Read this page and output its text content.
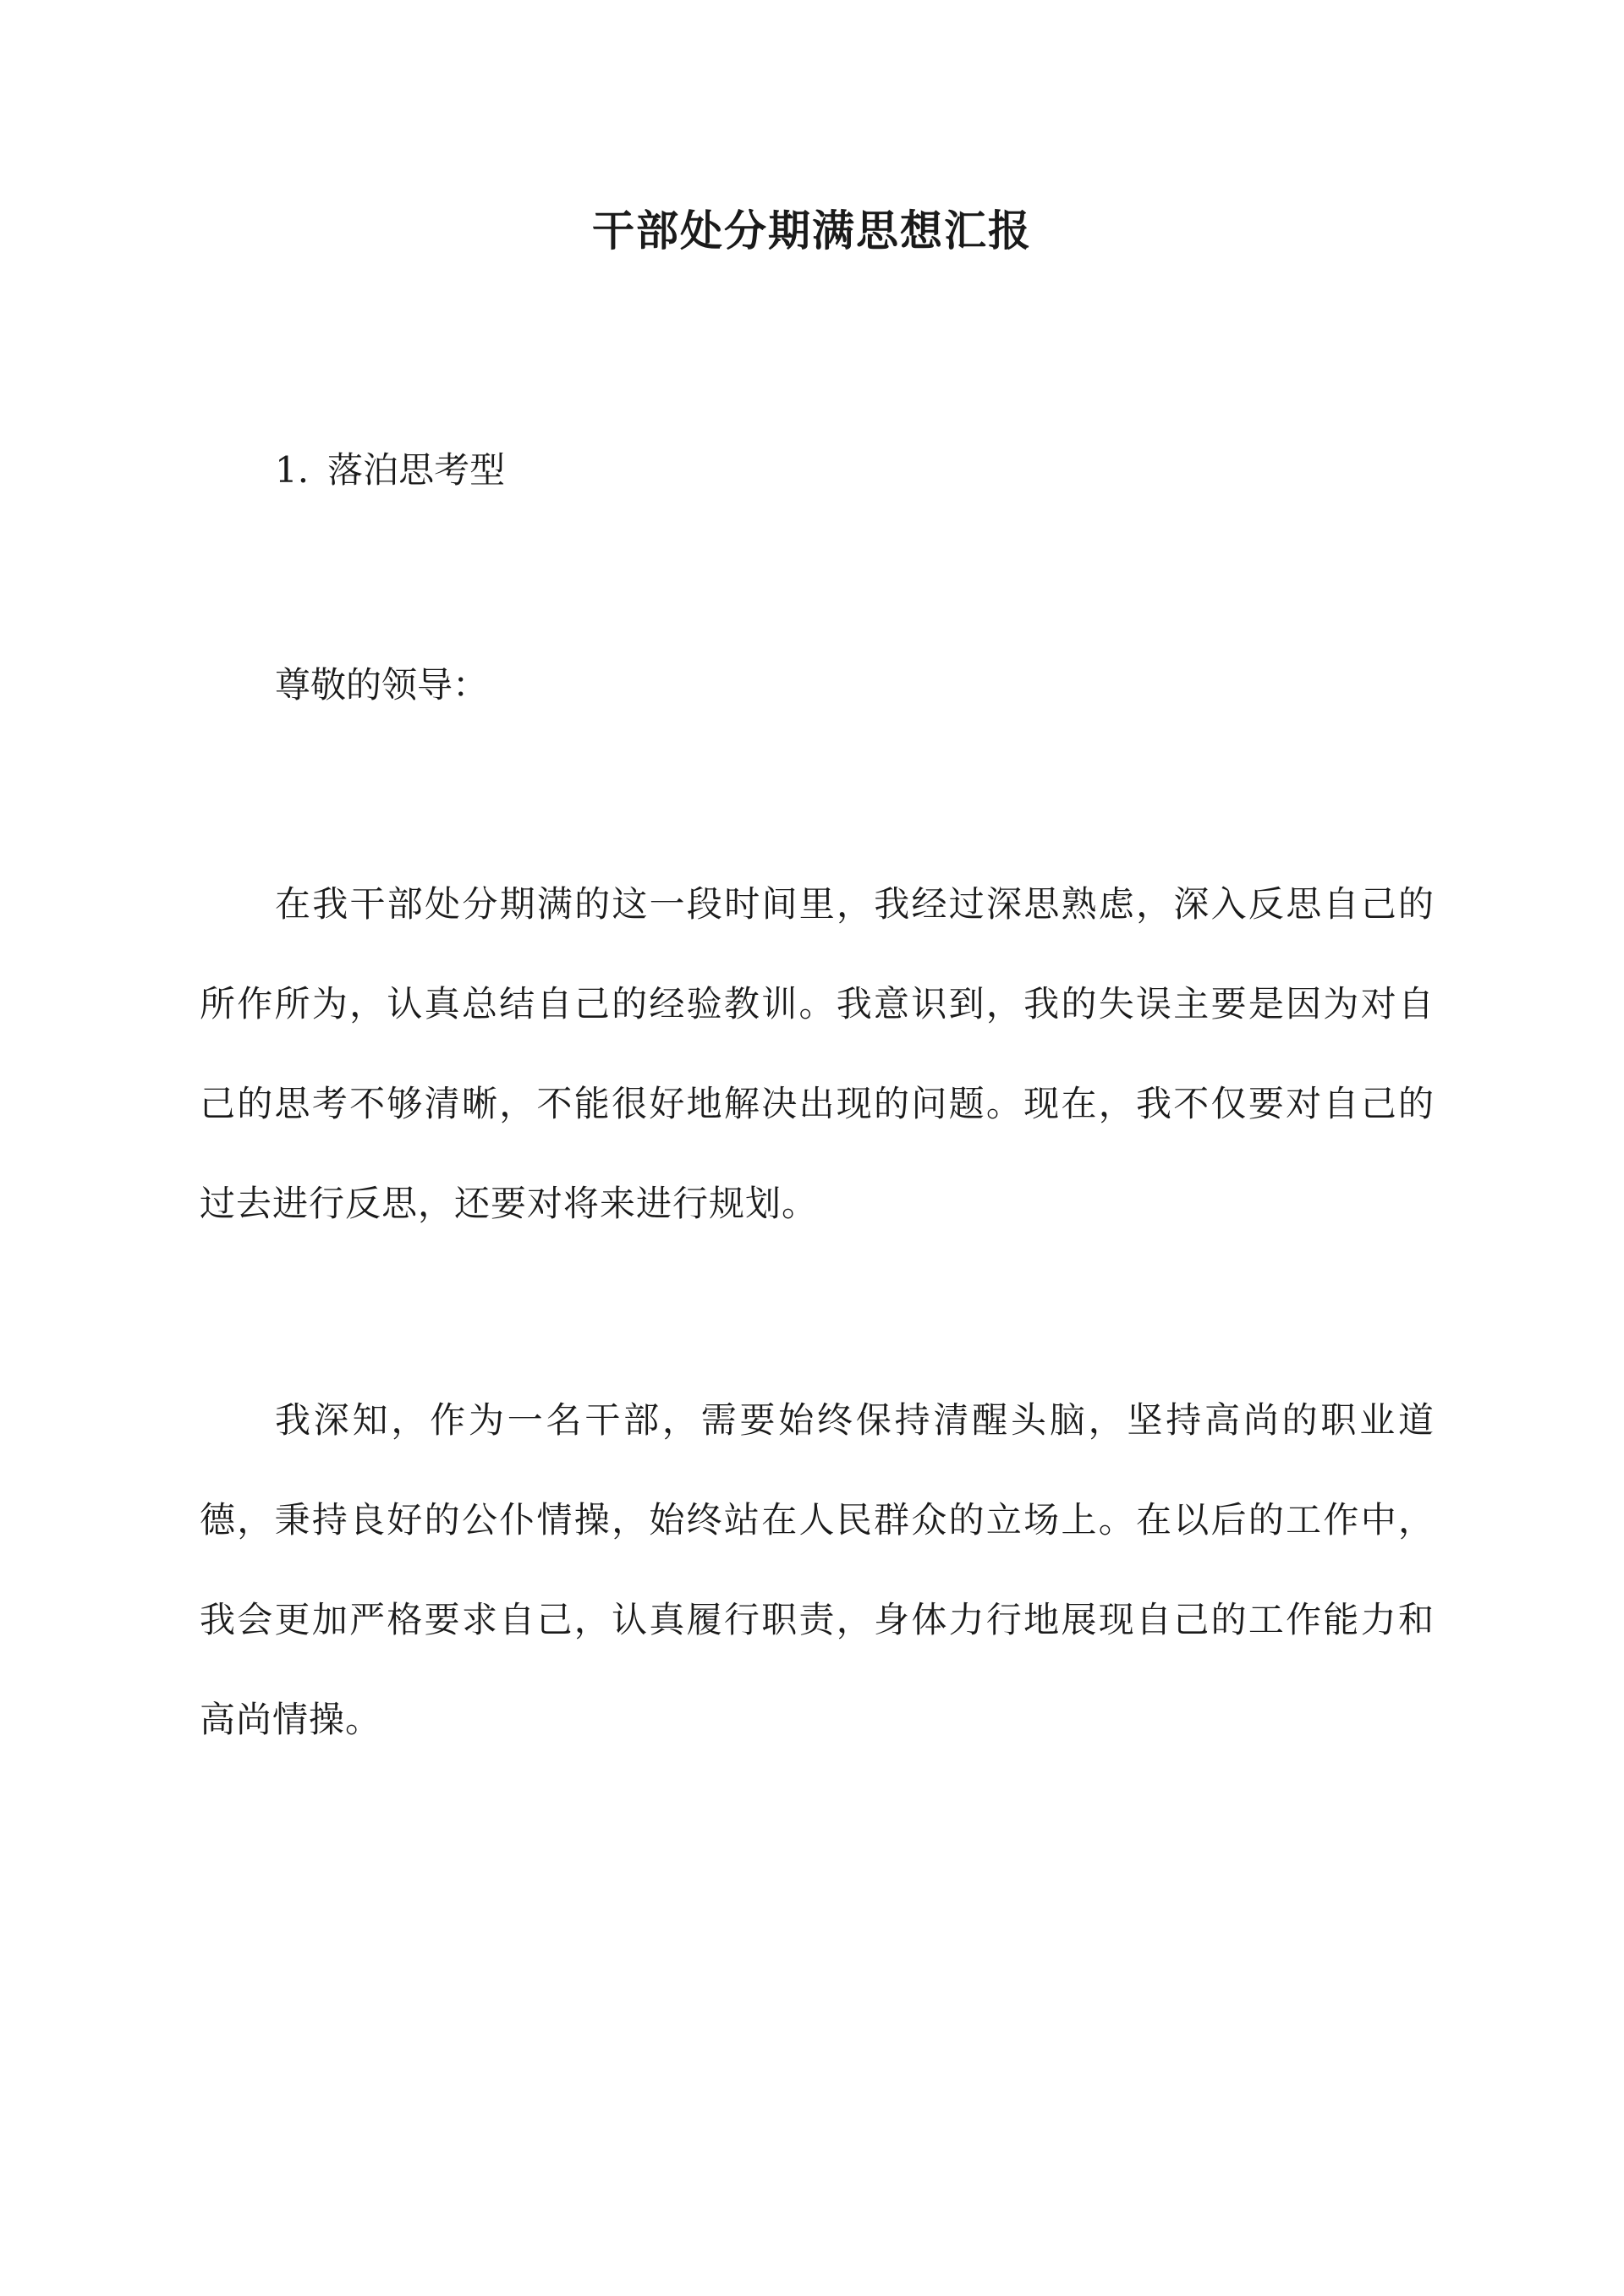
干部处分期满思想汇报

1. 落泊思考型

尊敬的领导：

在我干部处分期满的这一段时间里，我经过深思熟虑，深入反思自己的所作所为，认真总结自己的经验教训。我意识到，我的失误主要是因为对自己的思考不够清晰，不能很好地解决出现的问题。现在，我不仅要对自己的过去进行反思，还要对将来进行规划。

我深知，作为一名干部，需要始终保持清醒头脑，坚持高尚的职业道德，秉持良好的公仆情操，始终站在人民群众的立场上。在以后的工作中，我会更加严格要求自己，认真履行职责，身体力行地展现自己的工作能力和高尚情操。
